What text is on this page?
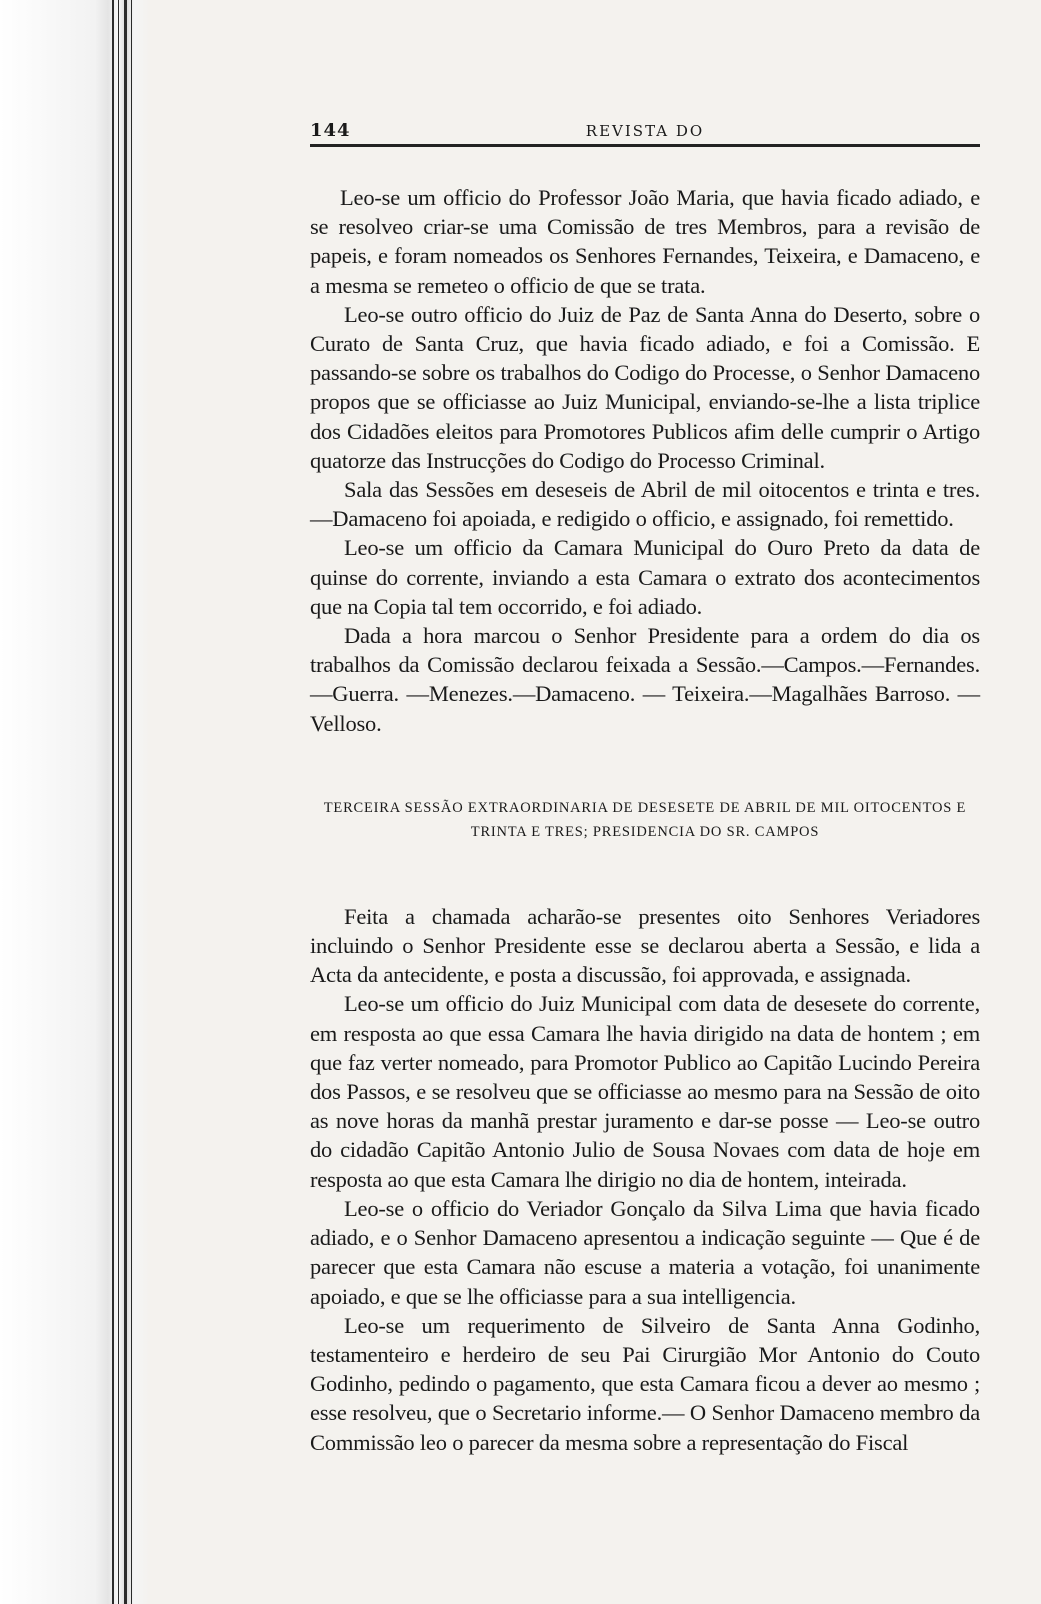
144	REVISTA DO

Leo-se um officio do Professor João Maria, que havia ficado adiado, e se resolveo criar-se uma Comissão de tres Membros, para a revisão de papeis, e foram nomeados os Senhores Fernandes, Teixeira, e Damaceno, e a mesma se remeteo o officio de que se trata.

Leo-se outro officio do Juiz de Paz de Santa Anna do Deserto, sobre o Curato de Santa Cruz, que havia ficado adiado, e foi a Comissão. E passando-se sobre os trabalhos do Codigo do Processe, o Senhor Damaceno propos que se officiasse ao Juiz Municipal, enviando-se-lhe a lista triplice dos Cidadões eleitos para Promotores Publicos afim delle cumprir o Artigo quatorze das Instrucções do Codigo do Processo Criminal.

Sala das Sessões em deseseis de Abril de mil oitocentos e trinta e tres.—Damaceno foi apoiada, e redigido o officio, e assignado, foi remettido.

Leo-se um officio da Camara Municipal do Ouro Preto da data de quinse do corrente, inviando a esta Camara o extrato dos acontecimentos que na Copia tal tem occorrido, e foi adiado.

Dada a hora marcou o Senhor Presidente para a ordem do dia os trabalhos da Comissão declarou feixada a Sessão.—Campos.—Fernandes. —Guerra. —Menezes.—Damaceno. — Teixeira.—Magalhães Barroso. — Velloso.

TERCEIRA SESSÃO EXTRAORDINARIA DE DESESETE DE ABRIL DE MIL OITOCENTOS E TRINTA E TRES; PRESIDENCIA DO SR. CAMPOS

Feita a chamada acharão-se presentes oito Senhores Veriadores incluindo o Senhor Presidente esse se declarou aberta a Sessão, e lida a Acta da antecidente, e posta a discussão, foi approvada, e assignada.

Leo-se um officio do Juiz Municipal com data de desesete do corrente, em resposta ao que essa Camara lhe havia dirigido na data de hontem ; em que faz verter nomeado, para Promotor Publico ao Capitão Lucindo Pereira dos Passos, e se resolveu que se officiasse ao mesmo para na Sessão de oito as nove horas da manhã prestar juramento e dar-se posse — Leo-se outro do cidadão Capitão Antonio Julio de Sousa Novaes com data de hoje em resposta ao que esta Camara lhe dirigio no dia de hontem, inteirada.

Leo-se o officio do Veriador Gonçalo da Silva Lima que havia ficado adiado, e o Senhor Damaceno apresentou a indicação seguinte — Que é de parecer que esta Camara não escuse a materia a votação, foi unanimente apoiado, e que se lhe officiasse para a sua intelligencia.

Leo-se um requerimento de Silveiro de Santa Anna Godinho, testamenteiro e herdeiro de seu Pai Cirurgião Mor Antonio do Couto Godinho, pedindo o pagamento, que esta Camara ficou a dever ao mesmo ; esse resolveu, que o Secretario informe.— O Senhor Damaceno membro da Commissão leo o parecer da mesma sobre a representação do Fiscal
